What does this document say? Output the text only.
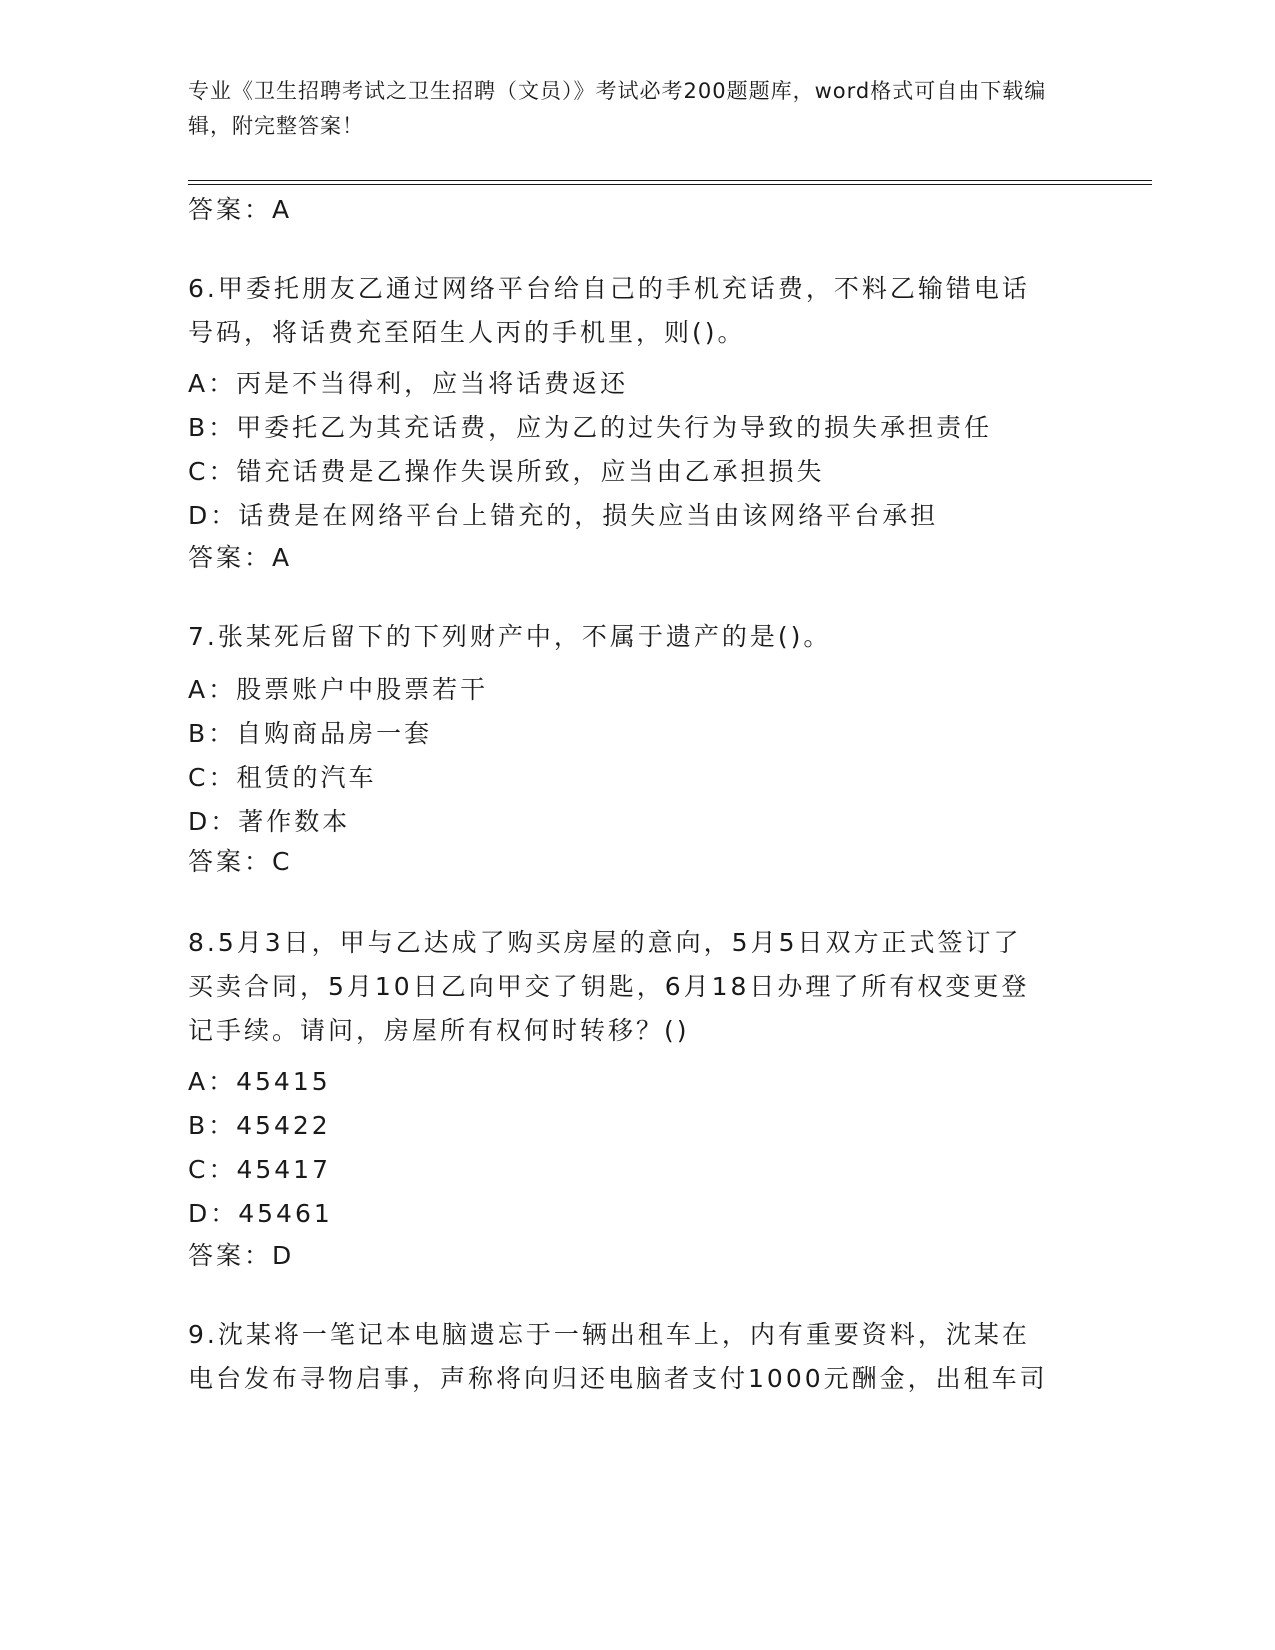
专业《卫生招聘考试之卫生招聘（文员）》考试必考200题题库，word格式可自由下载编辑，附完整答案！
答案：A
6.甲委托朋友乙通过网络平台给自己的手机充话费，不料乙输错电话
号码，将话费充至陌生人丙的手机里，则()。
A：丙是不当得利，应当将话费返还
B：甲委托乙为其充话费，应为乙的过失行为导致的损失承担责任
C：错充话费是乙操作失误所致，应当由乙承担损失
D：话费是在网络平台上错充的，损失应当由该网络平台承担
答案：A
7.张某死后留下的下列财产中，不属于遗产的是()。
A：股票账户中股票若干
B：自购商品房一套
C：租赁的汽车
D：著作数本
答案：C
8.5月3日，甲与乙达成了购买房屋的意向，5月5日双方正式签订了
买卖合同，5月10日乙向甲交了钥匙，6月18日办理了所有权变更登
记手续。请问，房屋所有权何时转移？()
A：45415
B：45422
C：45417
D：45461
答案：D
9.沈某将一笔记本电脑遗忘于一辆出租车上，内有重要资料，沈某在
电台发布寻物启事，声称将向归还电脑者支付1000元酬金，出租车司
